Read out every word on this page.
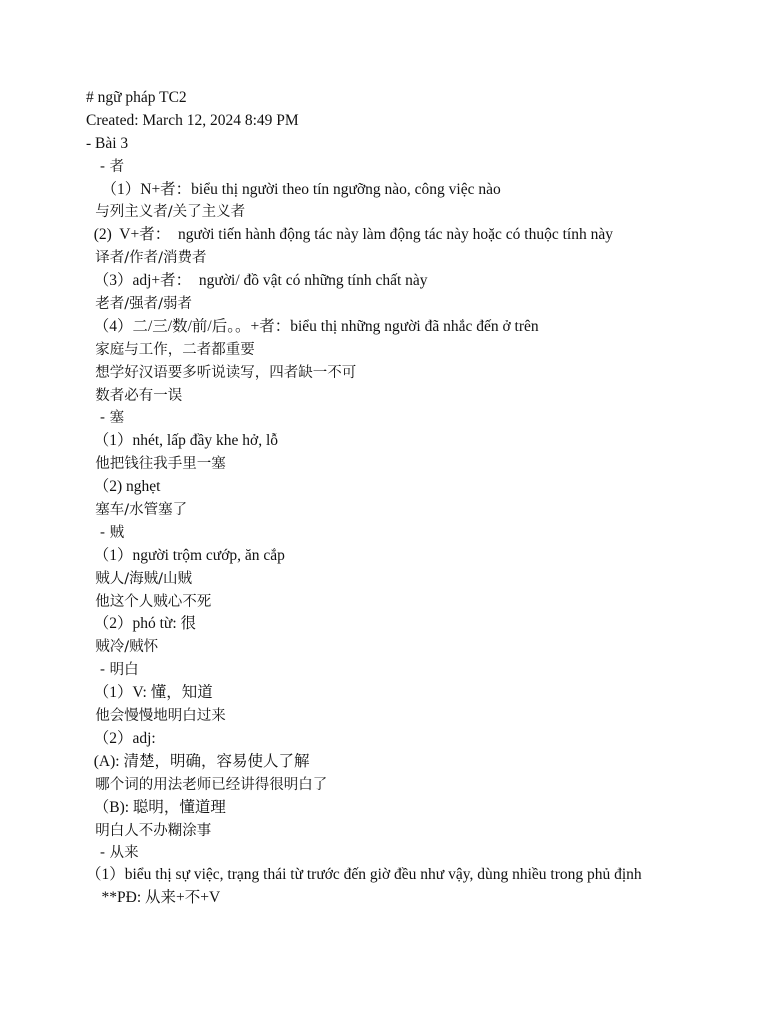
# ngữ pháp TC2
Created: March 12, 2024 8:49 PM
- Bài 3
- 者
（1）N+者：biểu thị người theo tín ngưỡng nào, công việc nào
与列主义者/关了主义者
(2)  V+者：  người tiến hành động tác này làm động tác này hoặc có thuộc tính này
译者/作者/消费者
（3）adj+者：  người/ đồ vật có những tính chất này
老者/强者/弱者
（4）二/三/数/前/后。。+者：biểu thị những người đã nhắc đến ở trên
家庭与工作，二者都重要
想学好汉语要多听说读写，四者缺一不可
数者必有一误
- 塞
（1）nhét, lấp đầy khe hở, lỗ
他把钱往我手里一塞
（2) nghẹt
塞车/水管塞了
- 贼
（1）người trộm cướp, ăn cắp
贼人/海贼/山贼
他这个人贼心不死
（2）phó từ: 很
贼冷/贼怀
- 明白
（1）V: 懂，知道
他会慢慢地明白过来
（2）adj:
(A): 清楚，明确，容易使人了解
哪个词的用法老师已经讲得很明白了
（B): 聪明，懂道理
明白人不办糊涂事
- 从来
（1）biểu thị sự việc, trạng thái từ trước đến giờ đều như vậy, dùng nhiều trong phủ định
**PĐ: 从来+不+V
